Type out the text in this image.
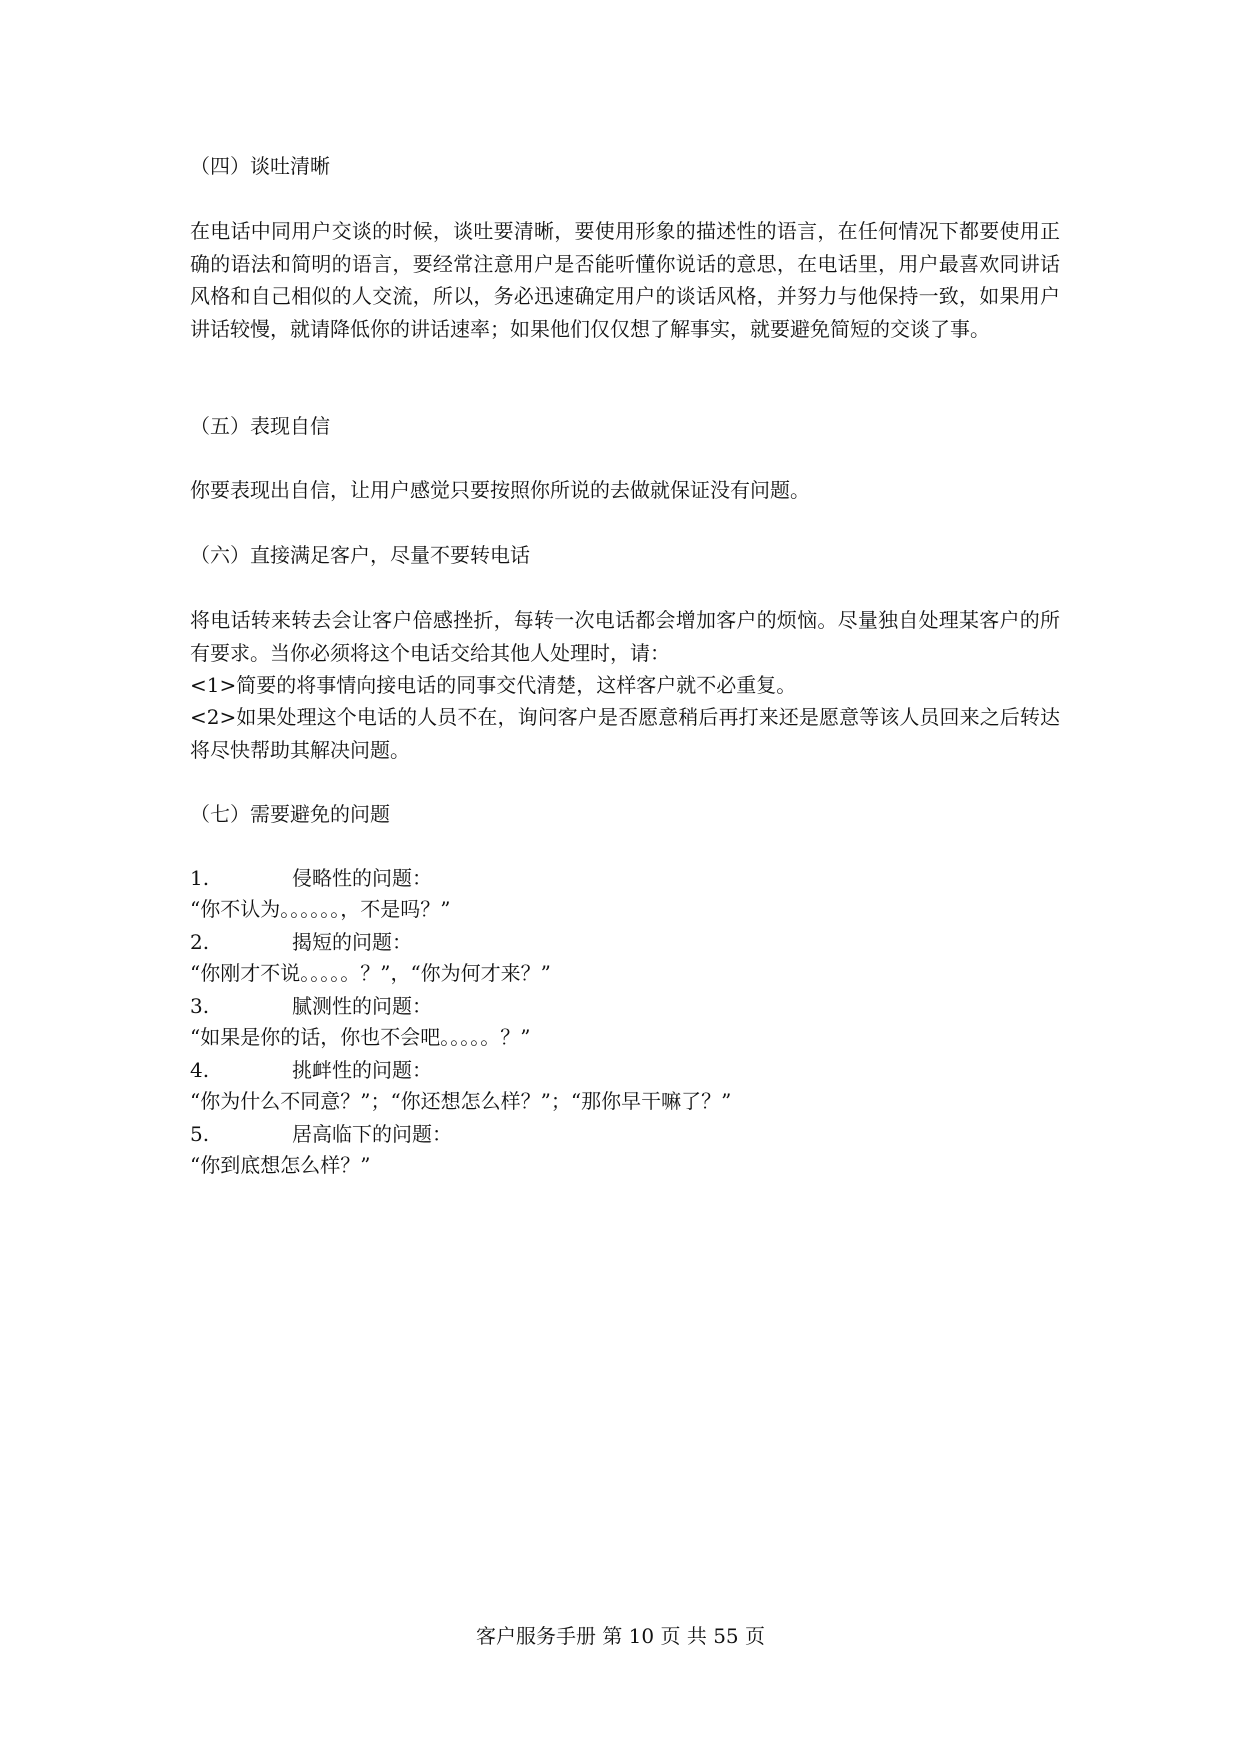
（四）谈吐清晰
在电话中同用户交谈的时候，谈吐要清晰，要使用形象的描述性的语言，在任何情况下都要使用正确的语法和简明的语言，要经常注意用户是否能听懂你说话的意思，在电话里，用户最喜欢同讲话风格和自己相似的人交流，所以，务必迅速确定用户的谈话风格，并努力与他保持一致，如果用户讲话较慢，就请降低你的讲话速率；如果他们仅仅想了解事实，就要避免简短的交谈了事。
（五）表现自信
你要表现出自信，让用户感觉只要按照你所说的去做就保证没有问题。
（六）直接满足客户，尽量不要转电话
将电话转来转去会让客户倍感挫折，每转一次电话都会增加客户的烦恼。尽量独自处理某客户的所有要求。当你必须将这个电话交给其他人处理时，请：
<1>简要的将事情向接电话的同事交代清楚，这样客户就不必重复。
<2>如果处理这个电话的人员不在，询问客户是否愿意稍后再打来还是愿意等该人员回来之后转达将尽快帮助其解决问题。
（七）需要避免的问题
1.	侵略性的问题：
“你不认为。。。。。。，不是吗？”
2.	揭短的问题：
“你刚才不说。。。。。？”，“你为何才来？”
3.	腻测性的问题：
“如果是你的话，你也不会吧。。。。。？”
4.	挑衅性的问题：
“你为什么不同意？”；“你还想怎么样？”；“那你早干嘛了？”
5.	居高临下的问题：
“你到底想怎么样？”
客户服务手册 第 10 页 共 55 页
